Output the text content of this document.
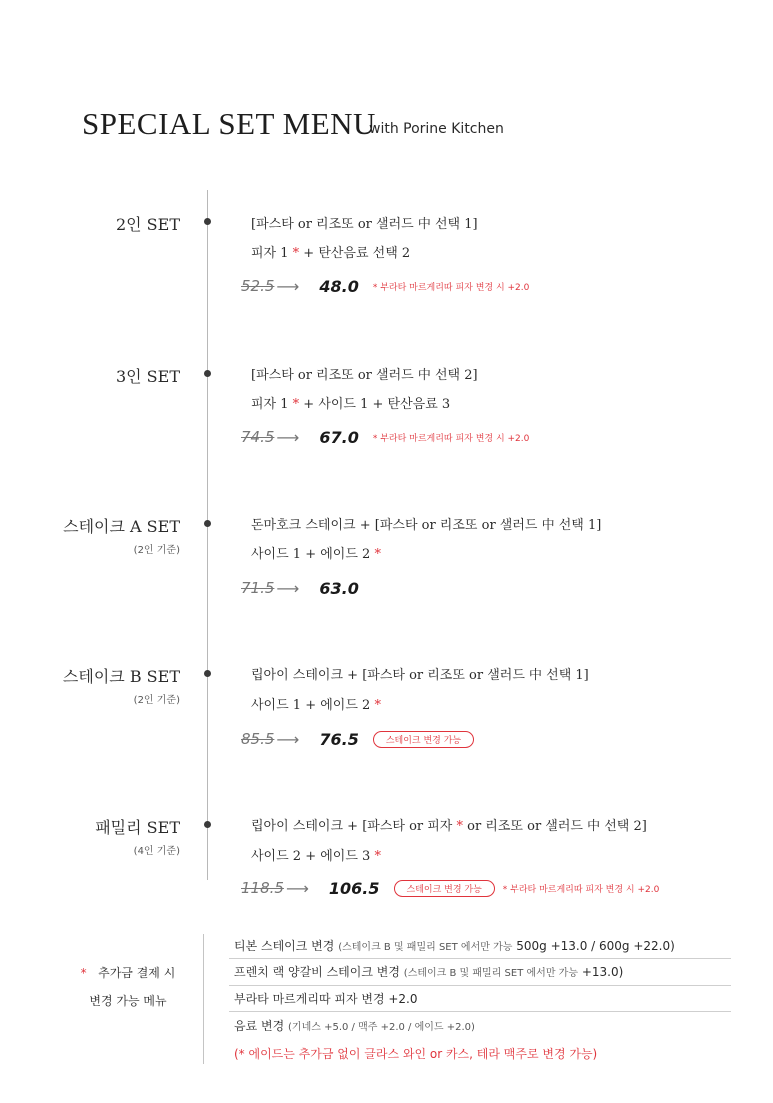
SPECIAL SET MENU
with Porine Kitchen
2인 SET	[파스타 or 리조또 or 샐러드 中 선택 1]
피자 1 * + 탄산음료 선택 2
52.5 ⟶ 48.0 * 부라타 마르게리따 피자 변경 시 +2.0
3인 SET	[파스타 or 리조또 or 샐러드 中 선택 2]
피자 1 * + 사이드 1 + 탄산음료 3
74.5 ⟶ 67.0 * 부라타 마르게리따 피자 변경 시 +2.0
스테이크 A SET
(2인 기준)
돈마호크 스테이크 + [파스타 or 리조또 or 샐러드 中 선택 1]
사이드 1 + 에이드 2 *
71.5 ⟶ 63.0
스테이크 B SET
(2인 기준)
립아이 스테이크 + [파스타 or 리조또 or 샐러드 中 선택 1]
사이드 1 + 에이드 2 *
85.5 ⟶ 76.5	스테이크 변경 가능
패밀리 SET
(4인 기준)
립아이 스테이크 + [파스타 or 피자 * or 리조또 or 샐러드 中 선택 2]
사이드 2 + 에이드 3 *
118.5 ⟶ 106.5	스테이크 변경 가능	* 부라타 마르게리따 피자 변경 시 +2.0
* 추가금 결제 시
변경 가능 메뉴
티본 스테이크 변경 (스테이크 B 및 패밀리 SET 에서만 가능 500g +13.0 / 600g +22.0)
프렌치 랙 양갈비 스테이크 변경 (스테이크 B 및 패밀리 SET 에서만 가능 +13.0)
부라타 마르게리따 피자 변경 +2.0
음료 변경 (기네스 +5.0 / 맥주 +2.0 / 에이드 +2.0)
(* 에이드는 추가금 없이 글라스 와인 or 카스, 테라 맥주로 변경 가능)
